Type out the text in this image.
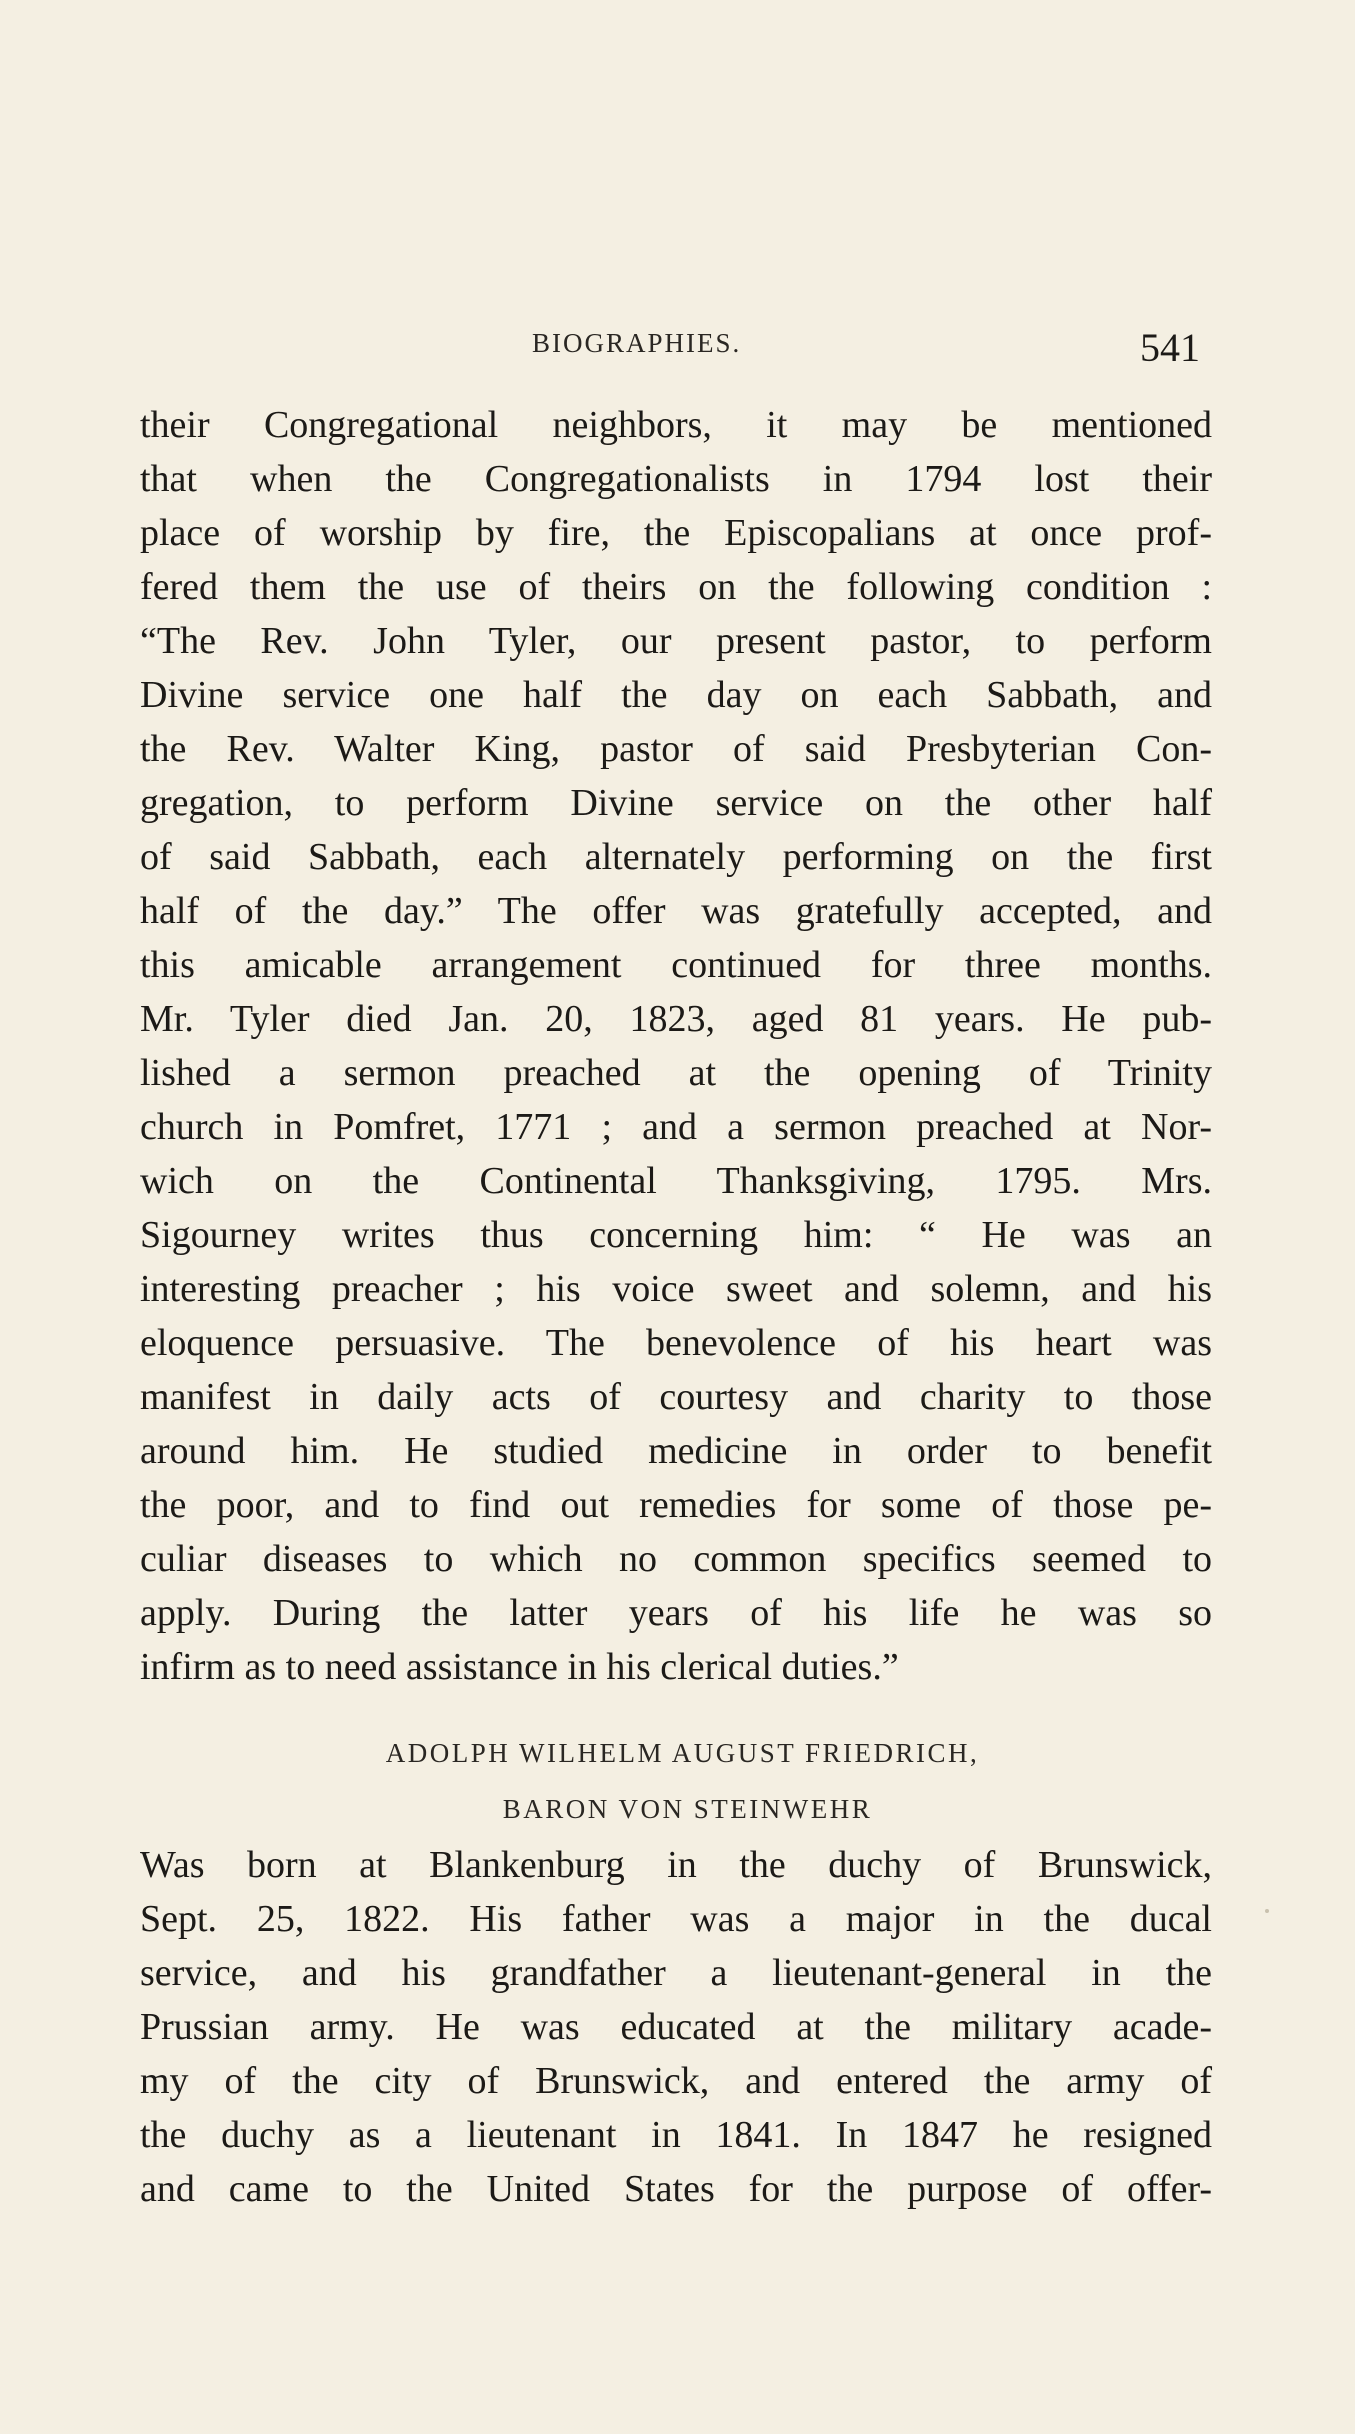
BIOGRAPHIES.	541
their Congregational neighbors, it may be mentioned
that when the Congregationalists in 1794 lost their
place of worship by fire, the Episcopalians at once prof-
fered them the use of theirs on the following condition :
“The Rev. John Tyler, our present pastor, to perform
Divine service one half the day on each Sabbath, and
the Rev. Walter King, pastor of said Presbyterian Con-
gregation, to perform Divine service on the other half
of said Sabbath, each alternately performing on the first
half of the day.” The offer was gratefully accepted, and
this amicable arrangement continued for three months.
Mr. Tyler died Jan. 20, 1823, aged 81 years. He pub-
lished a sermon preached at the opening of Trinity
church in Pomfret, 1771 ; and a sermon preached at Nor-
wich on the Continental Thanksgiving, 1795. Mrs.
Sigourney writes thus concerning him: “ He was an
interesting preacher ; his voice sweet and solemn, and his
eloquence persuasive. The benevolence of his heart was
manifest in daily acts of courtesy and charity to those
around him. He studied medicine in order to benefit
the poor, and to find out remedies for some of those pe-
culiar diseases to which no common specifics seemed to
apply. During the latter years of his life he was so
infirm as to need assistance in his clerical duties.”
ADOLPH WILHELM AUGUST FRIEDRICH,
BARON VON STEINWEHR
Was born at Blankenburg in the duchy of Brunswick,
Sept. 25, 1822. His father was a major in the ducal
service, and his grandfather a lieutenant-general in the
Prussian army. He was educated at the military acade-
my of the city of Brunswick, and entered the army of
the duchy as a lieutenant in 1841. In 1847 he resigned
and came to the United States for the purpose of offer-
